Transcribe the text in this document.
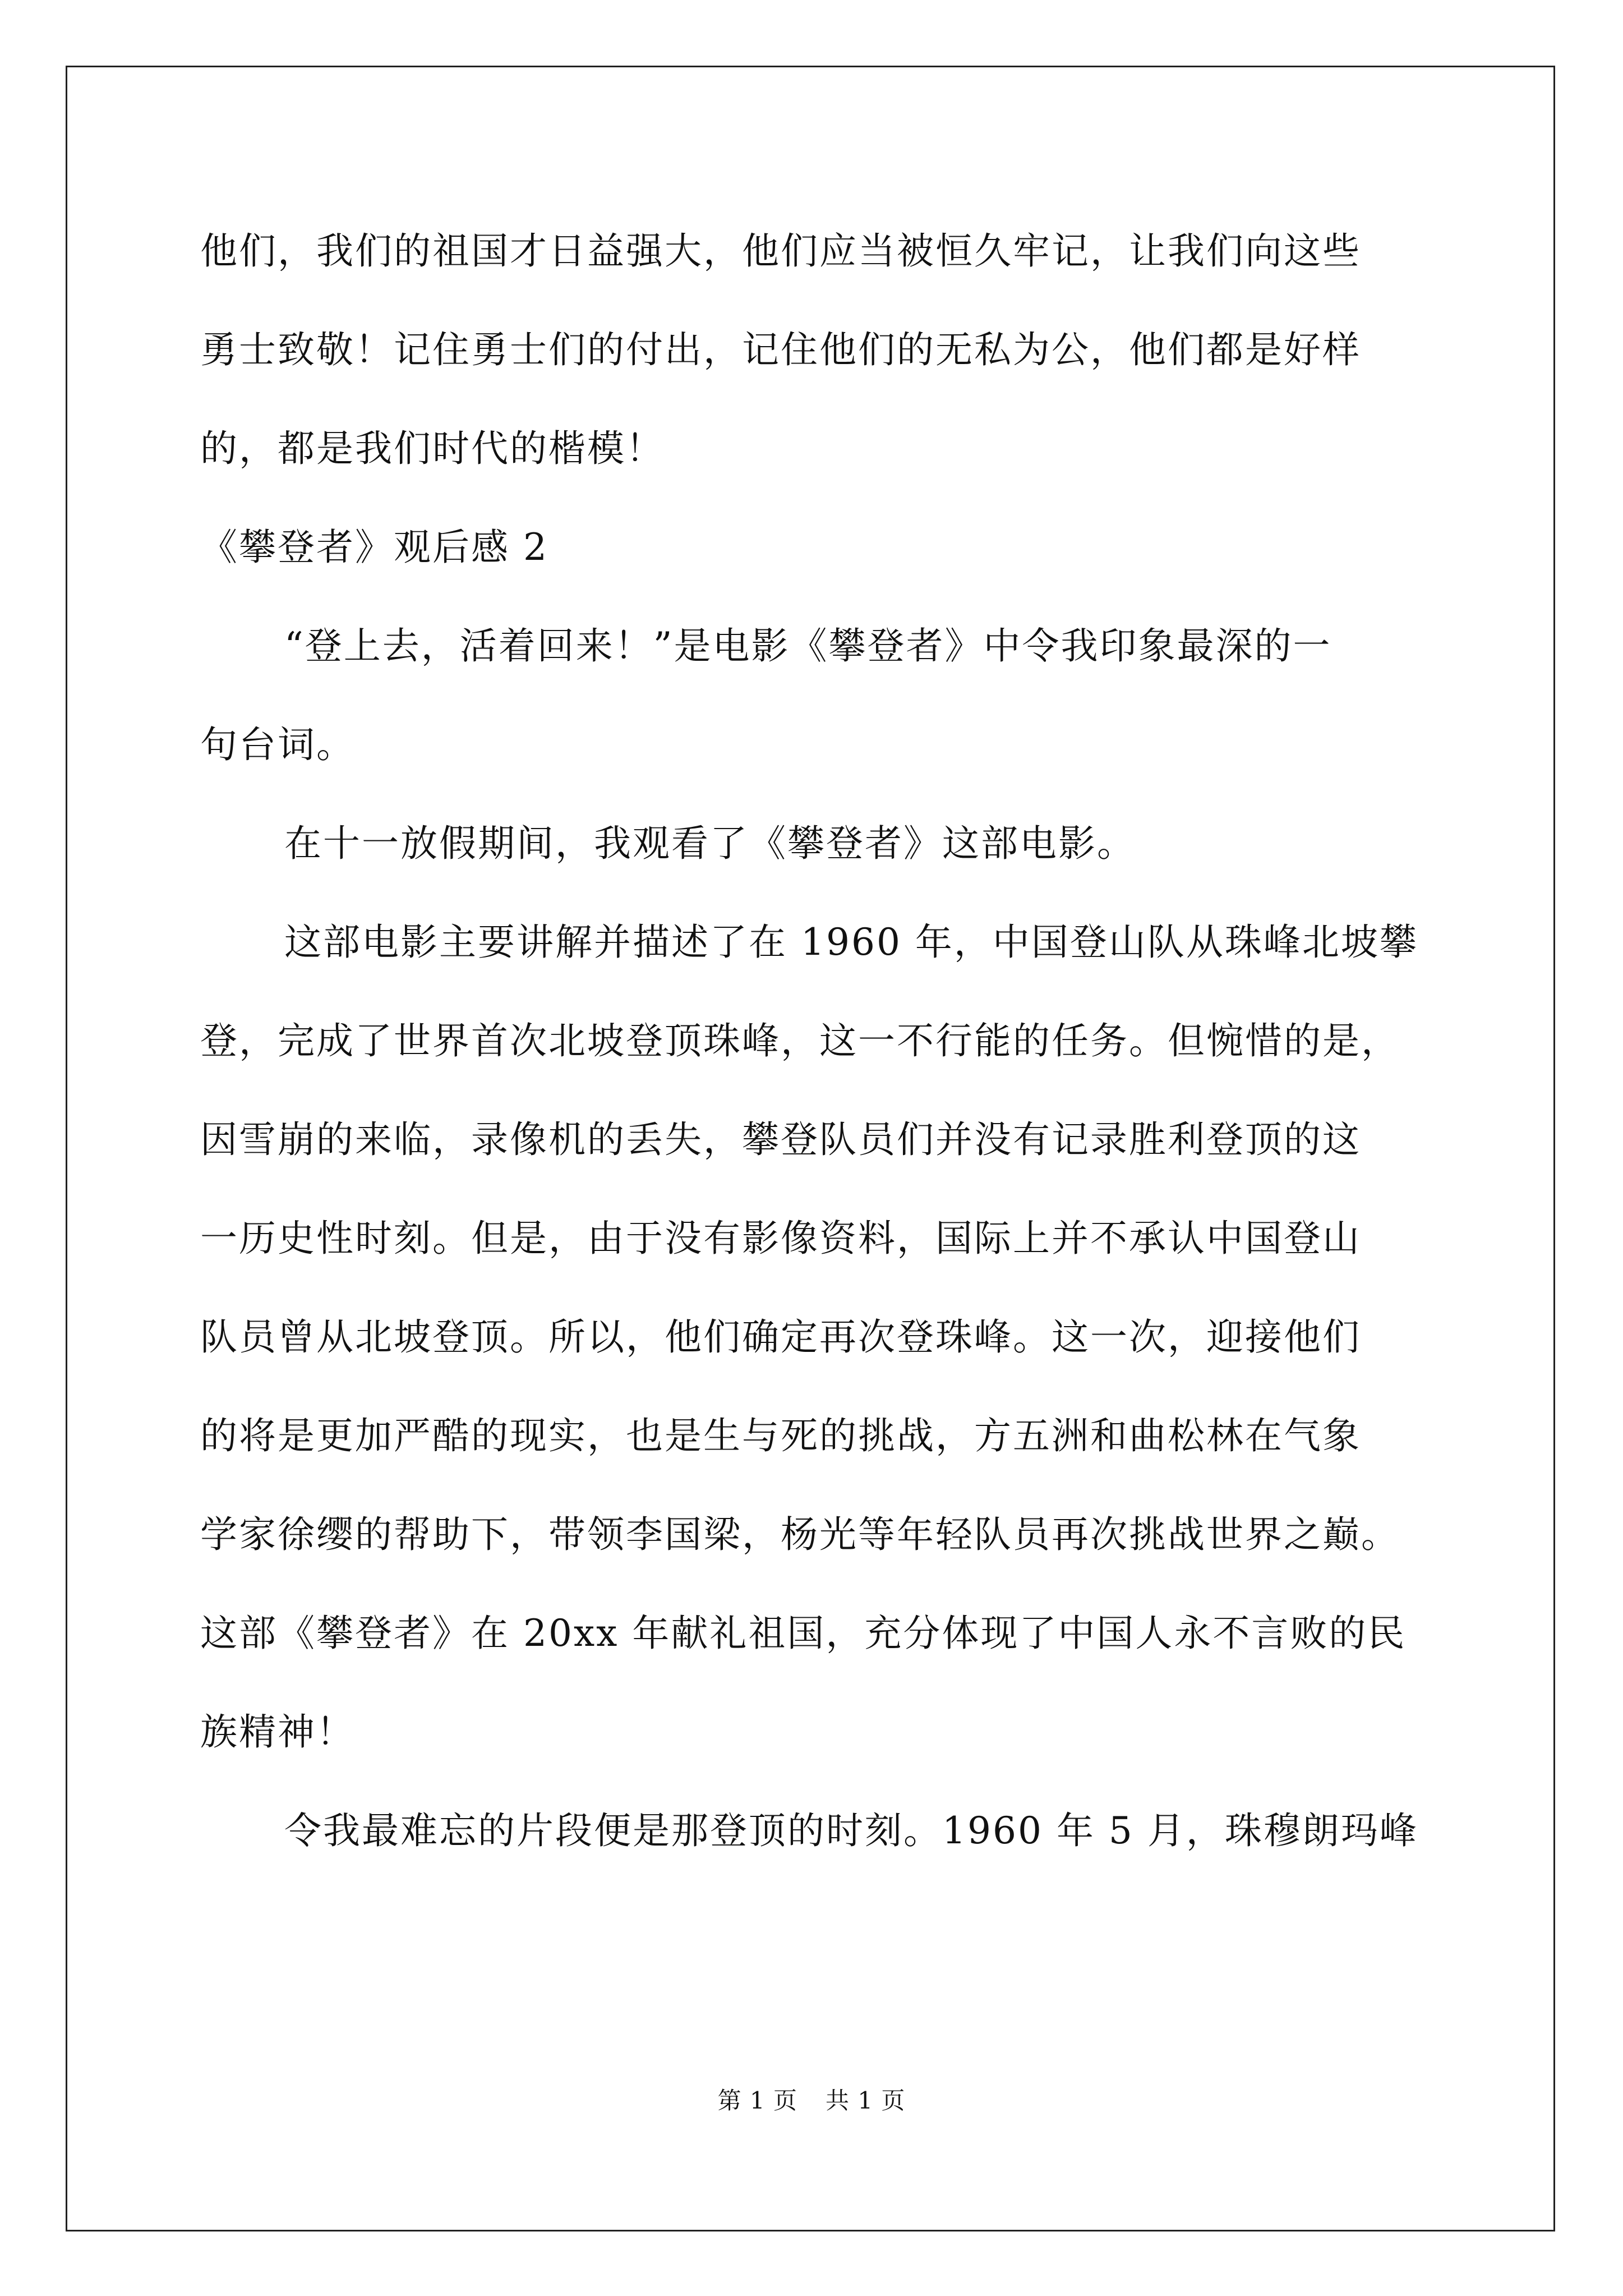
他们，我们的祖国才日益强大，他们应当被恒久牢记，让我们向这些
勇士致敬！记住勇士们的付出，记住他们的无私为公，他们都是好样
的，都是我们时代的楷模！
《攀登者》观后感 2
“登上去，活着回来！”是电影《攀登者》中令我印象最深的一
句台词。
在十一放假期间，我观看了《攀登者》这部电影。
这部电影主要讲解并描述了在 1960 年，中国登山队从珠峰北坡攀
登，完成了世界首次北坡登顶珠峰，这一不行能的任务。但惋惜的是，
因雪崩的来临，录像机的丢失，攀登队员们并没有记录胜利登顶的这
一历史性时刻。但是，由于没有影像资料，国际上并不承认中国登山
队员曾从北坡登顶。所以，他们确定再次登珠峰。这一次，迎接他们
的将是更加严酷的现实，也是生与死的挑战，方五洲和曲松林在气象
学家徐缨的帮助下，带领李国梁，杨光等年轻队员再次挑战世界之巅。
这部《攀登者》在 20xx 年献礼祖国，充分体现了中国人永不言败的民
族精神！
令我最难忘的片段便是那登顶的时刻。1960 年 5 月，珠穆朗玛峰
第 1 页 共 1 页
